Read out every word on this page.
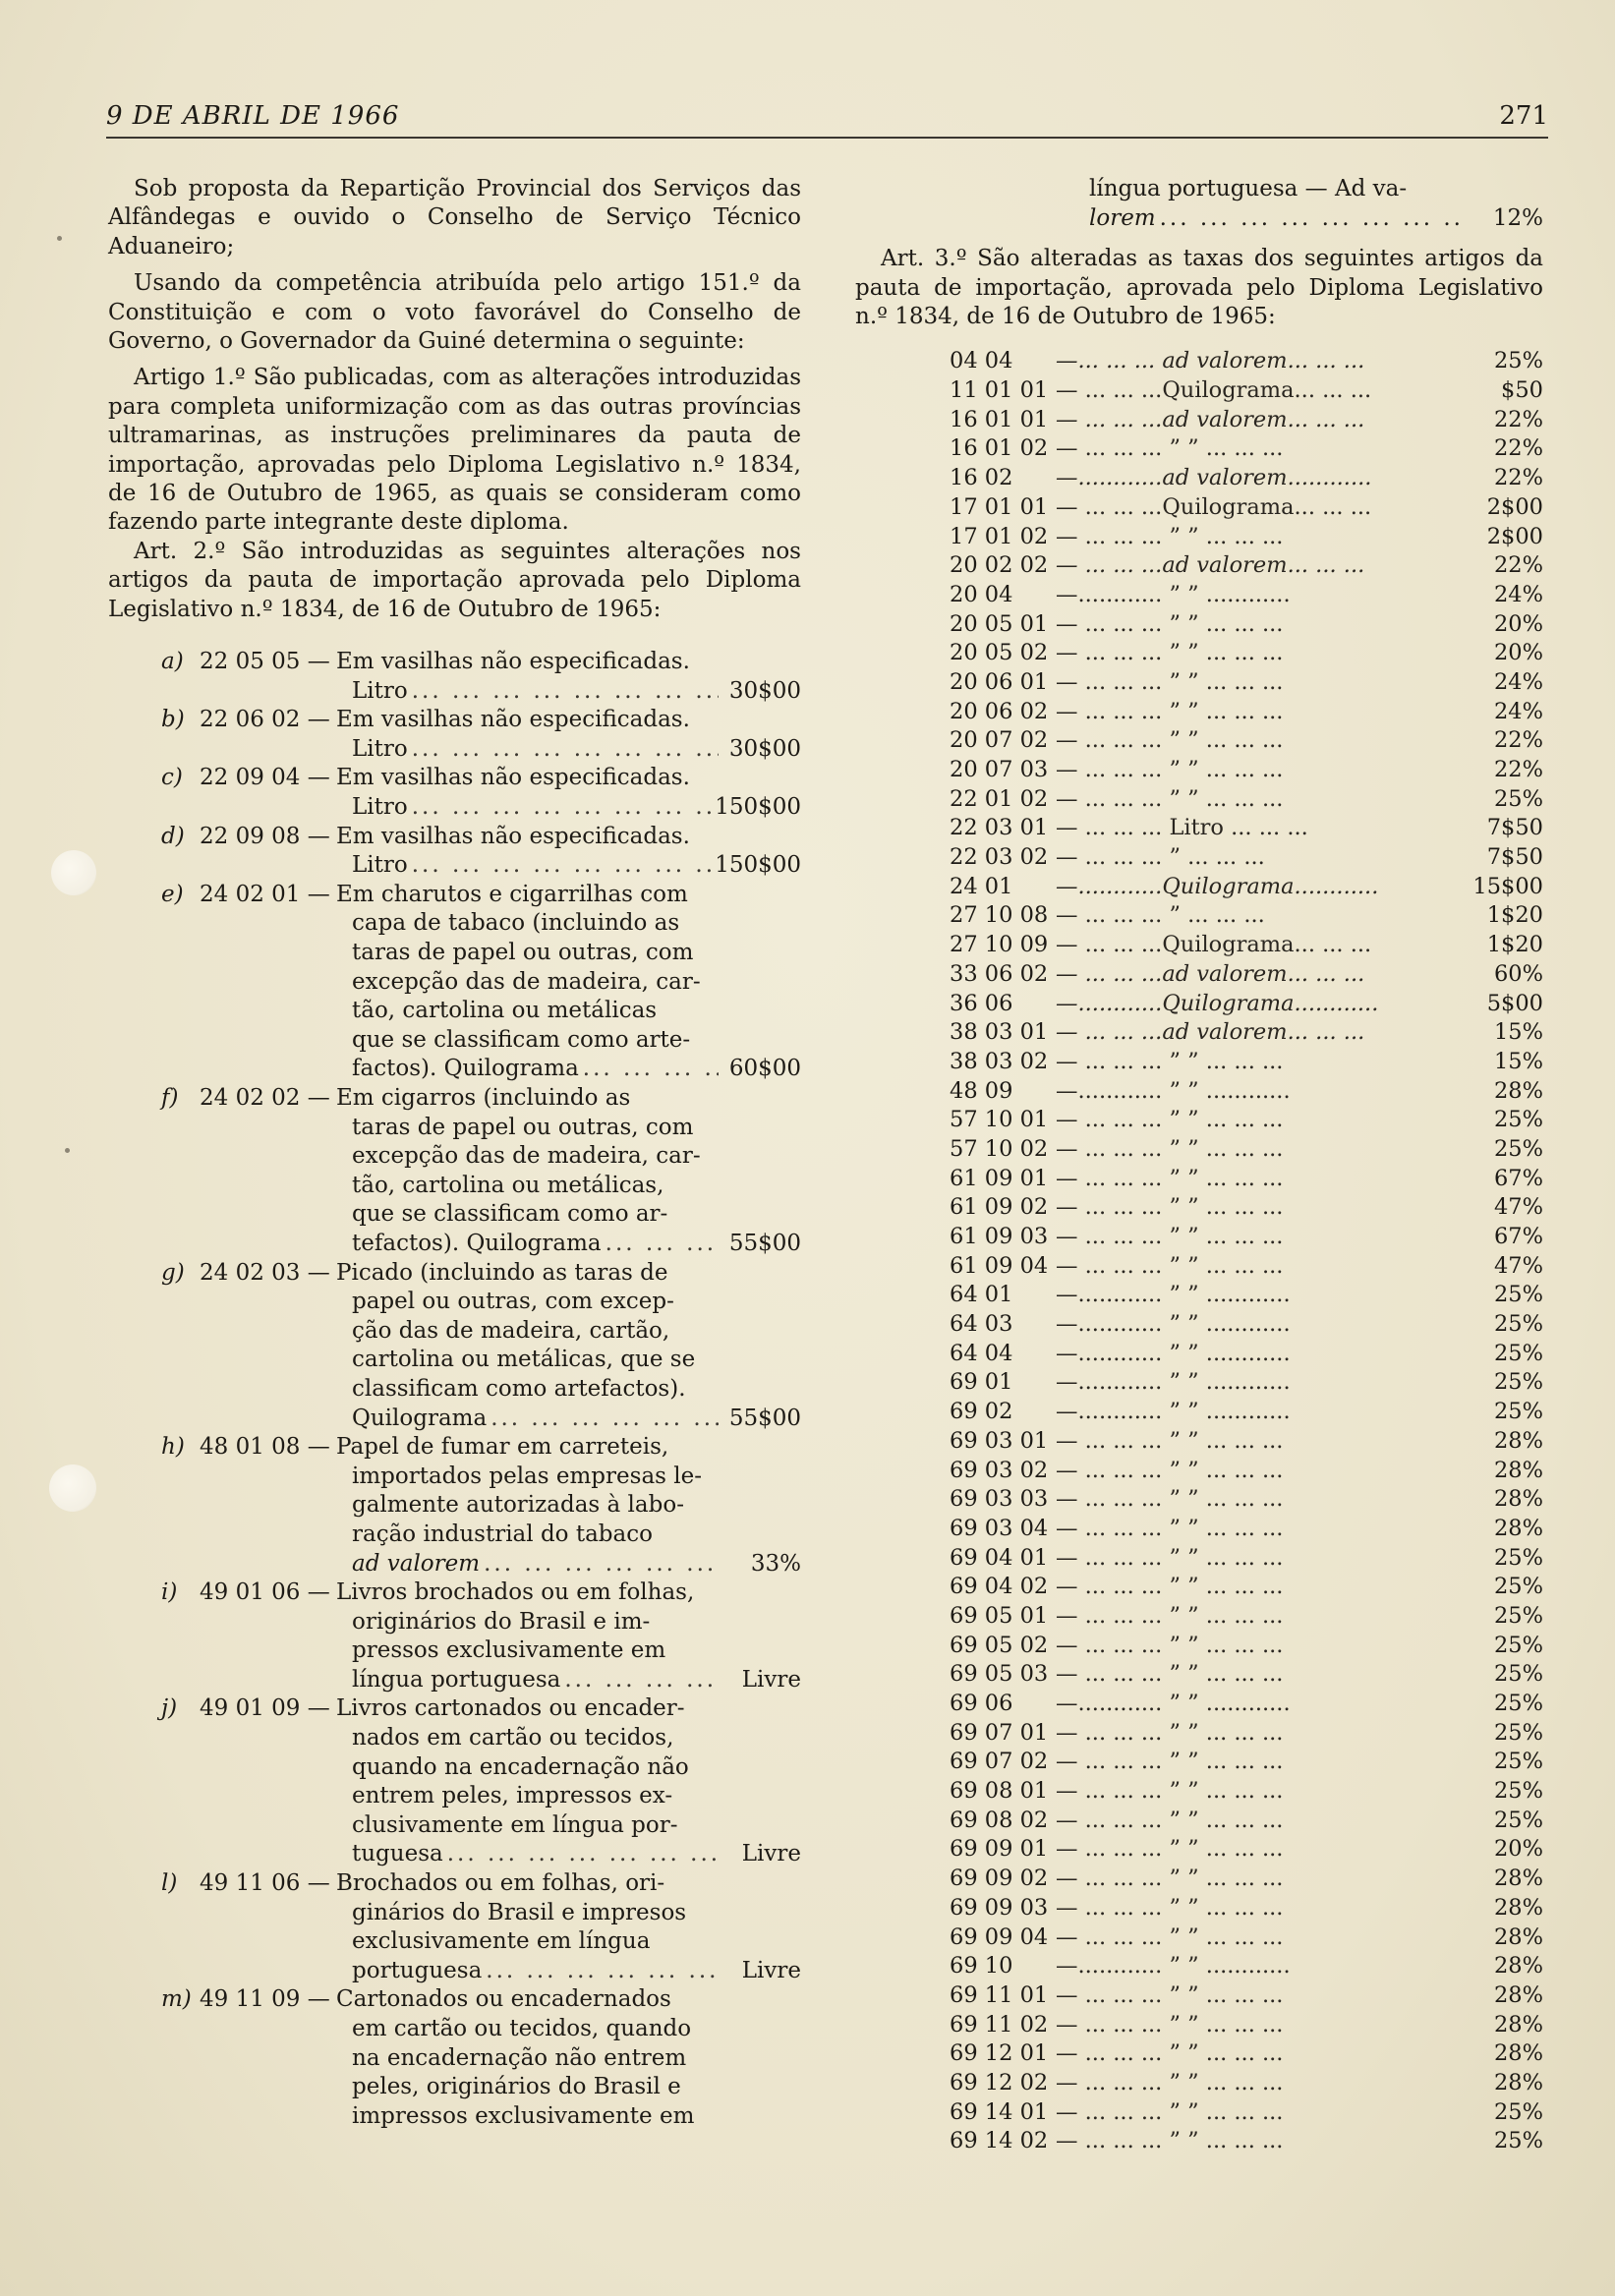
9 DE ABRIL DE 1966	271

Sob proposta da Repartição Provincial dos Serviços das Alfândegas e ouvido o Conselho de Serviço Técnico Aduaneiro;

Usando da competência atribuída pelo artigo 151.º da Constituição e com o voto favorável do Conselho de Governo, o Governador da Guiné determina o seguinte:

Artigo 1.º São publicadas, com as alterações introduzidas para completa uniformização com as das outras províncias ultramarinas, as instruções preliminares da pauta de importação, aprovadas pelo Diploma Legislativo n.º 1834, de 16 de Outubro de 1965, as quais se consideram como fazendo parte integrante deste diploma.

Art. 2.º São introduzidas as seguintes alterações nos artigos da pauta de importação aprovada pelo Diploma Legislativo n.º 1834, de 16 de Outubro de 1965:

a) 22 05 05 — Em vasilhas não especificadas.
Litro ... .	30$00
b) 22 06 02 — Em vasilhas não especificadas.
Litro ... .	30$00
c) 22 09 04 — Em vasilhas não especificadas.
Litro ... .	150$00
d) 22 09 08 — Em vasilhas não especificadas.
Litro ... .	150$00
e) 24 02 01 — Em charutos e cigarrilhas com
capa de tabaco (incluindo as
taras de papel ou outras, com
excepção das de madeira, car-
tão, cartolina ou metálicas
que se classificam como arte-
factos). Quilograma ... .	60$00
f) 24 02 02 — Em cigarros (incluindo as
taras de papel ou outras, com
excepção das de madeira, car-
tão, cartolina ou metálicas,
que se classificam como ar-
tefactos). Quilograma ... .	55$00
g) 24 02 03 — Picado (incluindo as taras de
papel ou outras, com excep-
ção das de madeira, cartão,
cartolina ou metálicas, que se
classificam como artefactos).
Quilograma ... .	55$00
h) 48 01 08 — Papel de fumar em carreteis,
importados pelas empresas le-
galmente autorizadas à labo-
ração industrial do tabaco
ad valorem ... .	33%
i) 49 01 06 — Livros brochados ou em folhas,
originários do Brasil e im-
pressos exclusivamente em
língua portuguesa ... .	Livre
j) 49 01 09 — Livros cartonados ou encader-
nados em cartão ou tecidos,
quando na encadernação não
entrem peles, impressos ex-
clusivamente em língua por-
tuguesa ... .	Livre
l) 49 11 06 — Brochados ou em folhas, ori-
ginários do Brasil e impresos
exclusivamente em língua
portuguesa ... .	Livre
m) 49 11 09 — Cartonados ou encadernados
em cartão ou tecidos, quando
na encadernação não entrem
peles, originários do Brasil e
impressos exclusivamente em
língua portuguesa — Ad va-
lorem ... .	12%

Art. 3.º São alteradas as taxas dos seguintes artigos da pauta de importação, aprovada pelo Diploma Legislativo n.º 1834, de 16 de Outubro de 1965:

04 04 —... ... ... ad valorem... ... ...	25%
11 01 01 — ... ... ...Quilograma... ... ...	$50
16 01 01 — ... ... ...ad valorem... ... ...	22%
16 01 02 — ... ... ... ” ” ... ... ...	22%
16 02 —............ad valorem............	22%
17 01 01 — ... ... ...Quilograma... ... ...	2$00
17 01 02 — ... ... ... ” ” ... ... ...	2$00
20 02 02 — ... ... ...ad valorem... ... ...	22%
20 04 —............ ” ” ............	24%
20 05 01 — ... ... ... ” ” ... ... ...	20%
20 05 02 — ... ... ... ” ” ... ... ...	20%
20 06 01 — ... ... ... ” ” ... ... ...	24%
20 06 02 — ... ... ... ” ” ... ... ...	24%
20 07 02 — ... ... ... ” ” ... ... ...	22%
20 07 03 — ... ... ... ” ” ... ... ...	22%
22 01 02 — ... ... ... ” ” ... ... ...	25%
22 03 01 — ... ... ... Litro ... ... ...	7$50
22 03 02 — ... ... ... ” ... ... ...	7$50
24 01 —............Quilograma............	15$00
27 10 08 — ... ... ... ” ... ... ...	1$20
27 10 09 — ... ... ...Quilograma... ... ...	1$20
33 06 02 — ... ... ...ad valorem... ... ...	60%
36 06 —............Quilograma............	5$00
38 03 01 — ... ... ...ad valorem... ... ...	15%
38 03 02 — ... ... ... ” ” ... ... ...	15%
48 09 —............ ” ” ............	28%
57 10 01 — ... ... ... ” ” ... ... ...	25%
57 10 02 — ... ... ... ” ” ... ... ...	25%
61 09 01 — ... ... ... ” ” ... ... ...	67%
61 09 02 — ... ... ... ” ” ... ... ...	47%
61 09 03 — ... ... ... ” ” ... ... ...	67%
61 09 04 — ... ... ... ” ” ... ... ...	47%
64 01 —............ ” ” ............	25%
64 03 —............ ” ” ............	25%
64 04 —............ ” ” ............	25%
69 01 —............ ” ” ............	25%
69 02 —............ ” ” ............	25%
69 03 01 — ... ... ... ” ” ... ... ...	28%
69 03 02 — ... ... ... ” ” ... ... ...	28%
69 03 03 — ... ... ... ” ” ... ... ...	28%
69 03 04 — ... ... ... ” ” ... ... ...	28%
69 04 01 — ... ... ... ” ” ... ... ...	25%
69 04 02 — ... ... ... ” ” ... ... ...	25%
69 05 01 — ... ... ... ” ” ... ... ...	25%
69 05 02 — ... ... ... ” ” ... ... ...	25%
69 05 03 — ... ... ... ” ” ... ... ...	25%
69 06 —............ ” ” ............	25%
69 07 01 — ... ... ... ” ” ... ... ...	25%
69 07 02 — ... ... ... ” ” ... ... ...	25%
69 08 01 — ... ... ... ” ” ... ... ...	25%
69 08 02 — ... ... ... ” ” ... ... ...	25%
69 09 01 — ... ... ... ” ” ... ... ...	20%
69 09 02 — ... ... ... ” ” ... ... ...	28%
69 09 03 — ... ... ... ” ” ... ... ...	28%
69 09 04 — ... ... ... ” ” ... ... ...	28%
69 10 —............ ” ” ............	28%
69 11 01 — ... ... ... ” ” ... ... ...	28%
69 11 02 — ... ... ... ” ” ... ... ...	28%
69 12 01 — ... ... ... ” ” ... ... ...	28%
69 12 02 — ... ... ... ” ” ... ... ...	28%
69 14 01 — ... ... ... ” ” ... ... ...	25%
69 14 02 — ... ... ... ” ” ... ... ...	25%
